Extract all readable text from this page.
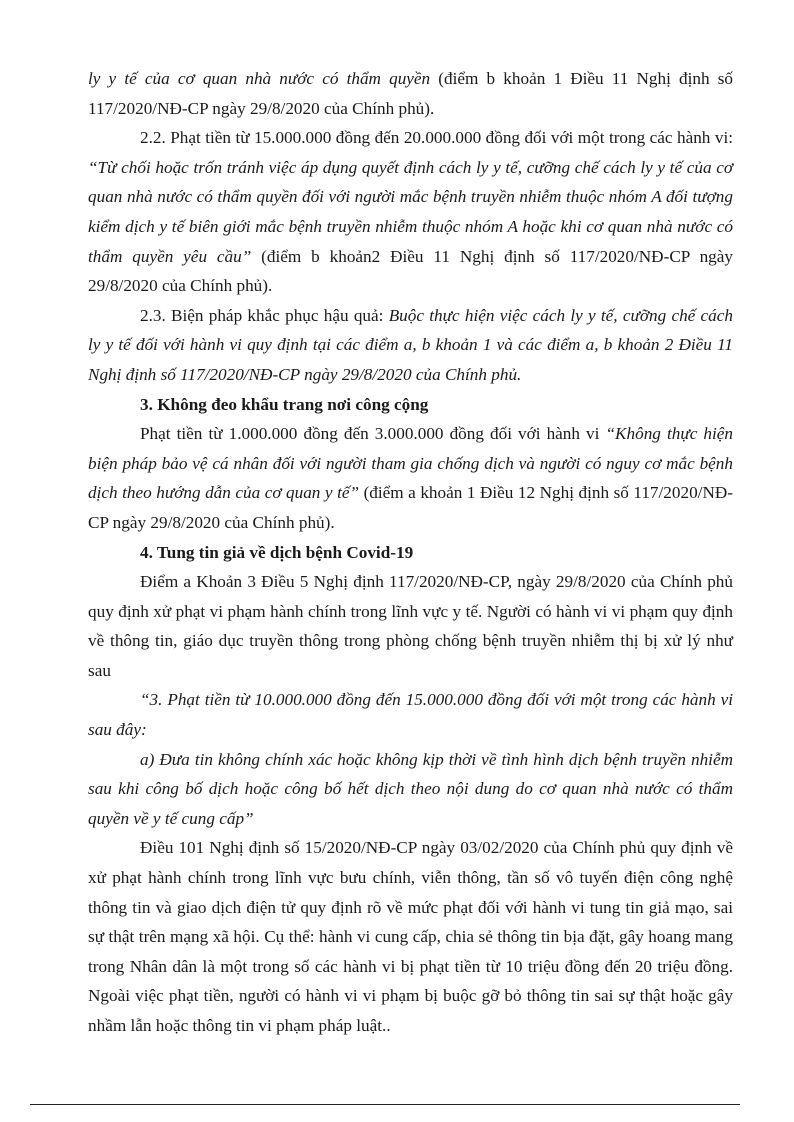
ly y tế của cơ quan nhà nước có thẩm quyền (điểm b khoản 1 Điều 11 Nghị định số 117/2020/NĐ-CP ngày 29/8/2020 của Chính phủ).

2.2. Phạt tiền từ 15.000.000 đồng đến 20.000.000 đồng đối với một trong các hành vi: “Từ chối hoặc trốn tránh việc áp dụng quyết định cách ly y tế, cưỡng chế cách ly y tế của cơ quan nhà nước có thẩm quyền đối với người mắc bệnh truyền nhiễm thuộc nhóm A đối tượng kiểm dịch y tế biên giới mắc bệnh truyền nhiễm thuộc nhóm A hoặc khi cơ quan nhà nước có thẩm quyền yêu cầu” (điểm b khoản2 Điều 11 Nghị định số 117/2020/NĐ-CP ngày 29/8/2020 của Chính phủ).

2.3. Biện pháp khắc phục hậu quả: Buộc thực hiện việc cách ly y tế, cưỡng chế cách ly y tế đối với hành vi quy định tại các điểm a, b khoản 1 và các điểm a, b khoản 2 Điều 11 Nghị định số 117/2020/NĐ-CP ngày 29/8/2020 của Chính phủ.

3. Không đeo khẩu trang nơi công cộng

Phạt tiền từ 1.000.000 đồng đến 3.000.000 đồng đối với hành vi “Không thực hiện biện pháp bảo vệ cá nhân đối với người tham gia chống dịch và người có nguy cơ mắc bệnh dịch theo hướng dẫn của cơ quan y tế” (điểm a khoản 1 Điều 12 Nghị định số 117/2020/NĐ-CP ngày 29/8/2020 của Chính phủ).

4. Tung tin giả về dịch bệnh Covid-19

Điểm a Khoản 3 Điều 5 Nghị định 117/2020/NĐ-CP, ngày 29/8/2020 của Chính phủ quy định xử phạt vi phạm hành chính trong lĩnh vực y tế. Người có hành vi vi phạm quy định về thông tin, giáo dục truyền thông trong phòng chống bệnh truyền nhiễm thị bị xử lý như sau

“3. Phạt tiền từ 10.000.000 đồng đến 15.000.000 đồng đối với một trong các hành vi sau đây:

a) Đưa tin không chính xác hoặc không kịp thời về tình hình dịch bệnh truyền nhiễm sau khi công bố dịch hoặc công bố hết dịch theo nội dung do cơ quan nhà nước có thẩm quyền về y tế cung cấp”

Điều 101 Nghị định số 15/2020/NĐ-CP ngày 03/02/2020 của Chính phủ quy định về xử phạt hành chính trong lĩnh vực bưu chính, viễn thông, tần số vô tuyến điện công nghệ thông tin và giao dịch điện tử quy định rõ về mức phạt đối với hành vi tung tin giả mạo, sai sự thật trên mạng xã hội. Cụ thể: hành vi cung cấp, chia sẻ thông tin bịa đặt, gây hoang mang trong Nhân dân là một trong số các hành vi bị phạt tiền từ 10 triệu đồng đến 20 triệu đồng. Ngoài việc phạt tiền, người có hành vi vi phạm bị buộc gỡ bỏ thông tin sai sự thật hoặc gây nhầm lẫn hoặc thông tin vi phạm pháp luật..
